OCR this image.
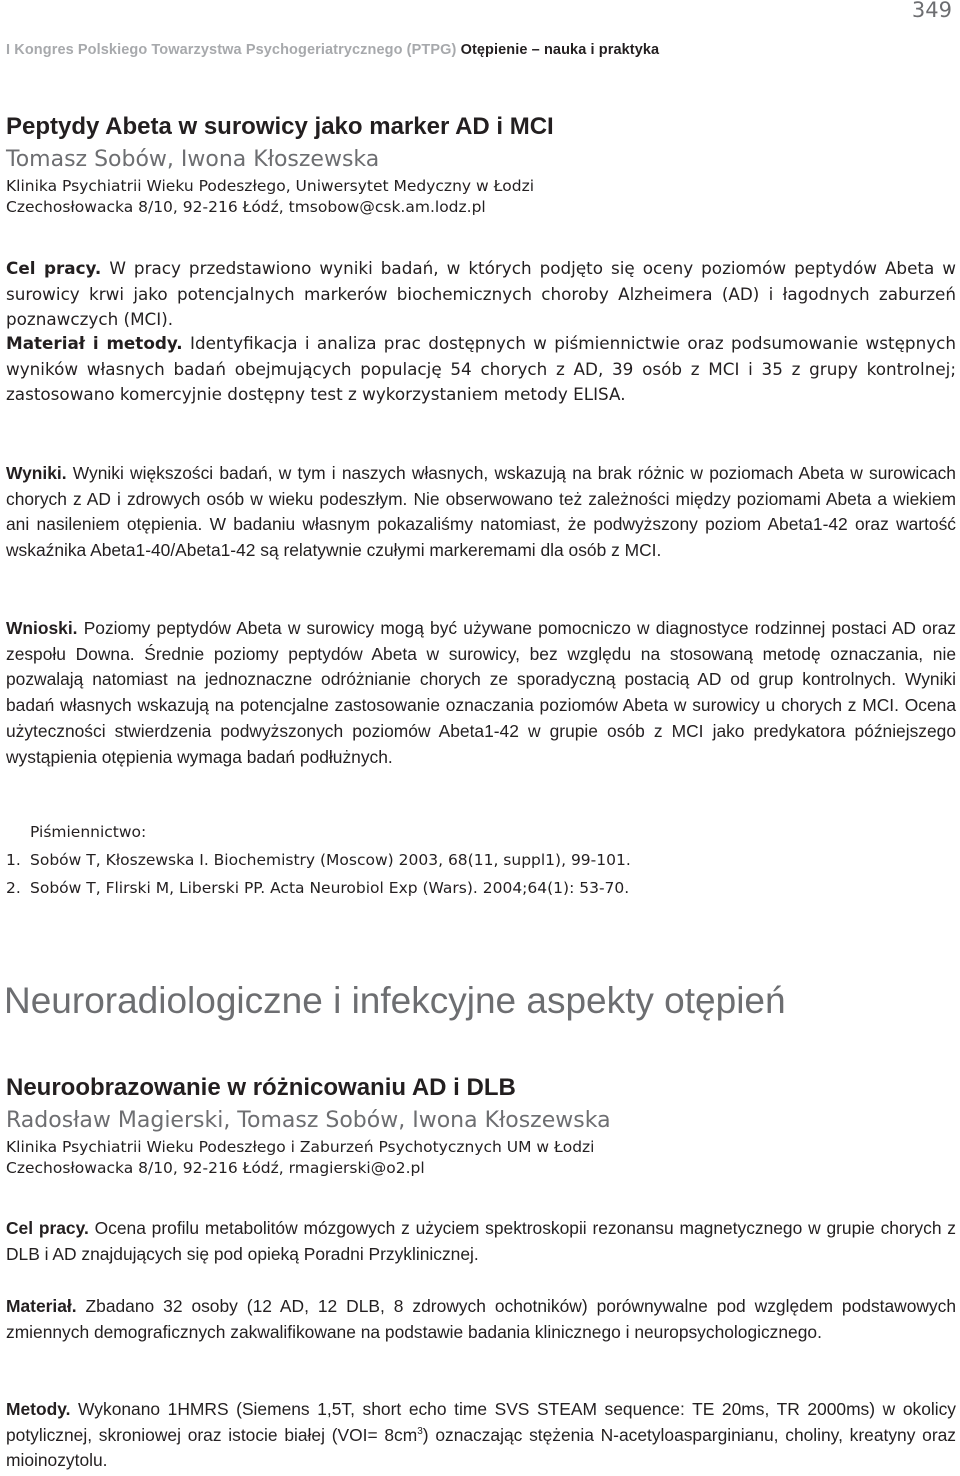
349
I Kongres Polskiego Towarzystwa Psychogeriatrycznego (PTPG) Otępienie – nauka i praktyka
Peptydy Abeta w surowicy jako marker AD i MCI
Tomasz Sobów, Iwona Kłoszewska
Klinika Psychiatrii Wieku Podeszłego, Uniwersytet Medyczny w Łodzi
Czechosłowacka 8/10, 92-216 Łódź, tmsobow@csk.am.lodz.pl

Cel pracy. W pracy przedstawiono wyniki badań, w których podjęto się oceny poziomów peptydów Abeta w surowicy krwi jako potencjalnych markerów biochemicznych choroby Alzheimera (AD) i łagodnych zaburzeń poznawczych (MCI).

Materiał i metody. Identyfikacja i analiza prac dostępnych w piśmiennictwie oraz podsumowanie wstępnych wyników własnych badań obejmujących populację 54 chorych z AD, 39 osób z MCI i 35 z grupy kontrolnej; zastosowano komercyjnie dostępny test z wykorzystaniem metody ELISA.

Wyniki. Wyniki większości badań, w tym i naszych własnych, wskazują na brak różnic w poziomach Abeta w surowicach chorych z AD i zdrowych osób w wieku podeszłym. Nie obserwowano też zależności między poziomami Abeta a wiekiem ani nasileniem otępienia. W badaniu własnym pokazaliśmy natomiast, że podwyższony poziom Abeta1-42 oraz wartość wskaźnika Abeta1-40/Abeta1-42 są relatywnie czułymi markeremami dla osób z MCI.

Wnioski. Poziomy peptydów Abeta w surowicy mogą być używane pomocniczo w diagnostyce rodzinnej postaci AD oraz zespołu Downa. Średnie poziomy peptydów Abeta w surowicy, bez względu na stosowaną metodę oznaczania, nie pozwalają natomiast na jednoznaczne odróżnianie chorych ze sporadyczną postacią AD od grup kontrolnych. Wyniki badań własnych wskazują na potencjalne zastosowanie oznaczania poziomów Abeta w surowicy u chorych z MCI. Ocena użyteczności stwierdzenia podwyższonych poziomów Abeta1-42 w grupie osób z MCI jako predykatora późniejszego wystąpienia otępienia wymaga badań podłużnych.

Piśmiennictwo:
1. Sobów T, Kłoszewska I. Biochemistry (Moscow) 2003, 68(11, suppl1), 99-101.
2. Sobów T, Flirski M, Liberski PP. Acta Neurobiol Exp (Wars). 2004;64(1): 53-70.
Neuroradiologiczne i infekcyjne aspekty otępień
Neuroobrazowanie w różnicowaniu AD i DLB
Radosław Magierski, Tomasz Sobów, Iwona Kłoszewska
Klinika Psychiatrii Wieku Podeszłego i Zaburzeń Psychotycznych UM w Łodzi
Czechosłowacka 8/10, 92-216 Łódź, rmagierski@o2.pl

Cel pracy. Ocena profilu metabolitów mózgowych z użyciem spektroskopii rezonansu magnetycznego w grupie chorych z DLB i AD znajdujących się pod opieką Poradni Przyklinicznej.

Materiał. Zbadano 32 osoby (12 AD, 12 DLB, 8 zdrowych ochotników) porównywalne pod względem podstawowych zmiennych demograficznych zakwalifikowane na podstawie badania klinicznego i neuropsychologicznego.

Metody. Wykonano 1HMRS (Siemens 1,5T, short echo time SVS STEAM sequence: TE 20ms, TR 2000ms) w okolicy potylicznej, skroniowej oraz istocie białej $(VOI= 8cm^3)$ oznaczając stężenia N-acetyloasparginianu, choliny, kreatyny oraz mioinozytolu.
